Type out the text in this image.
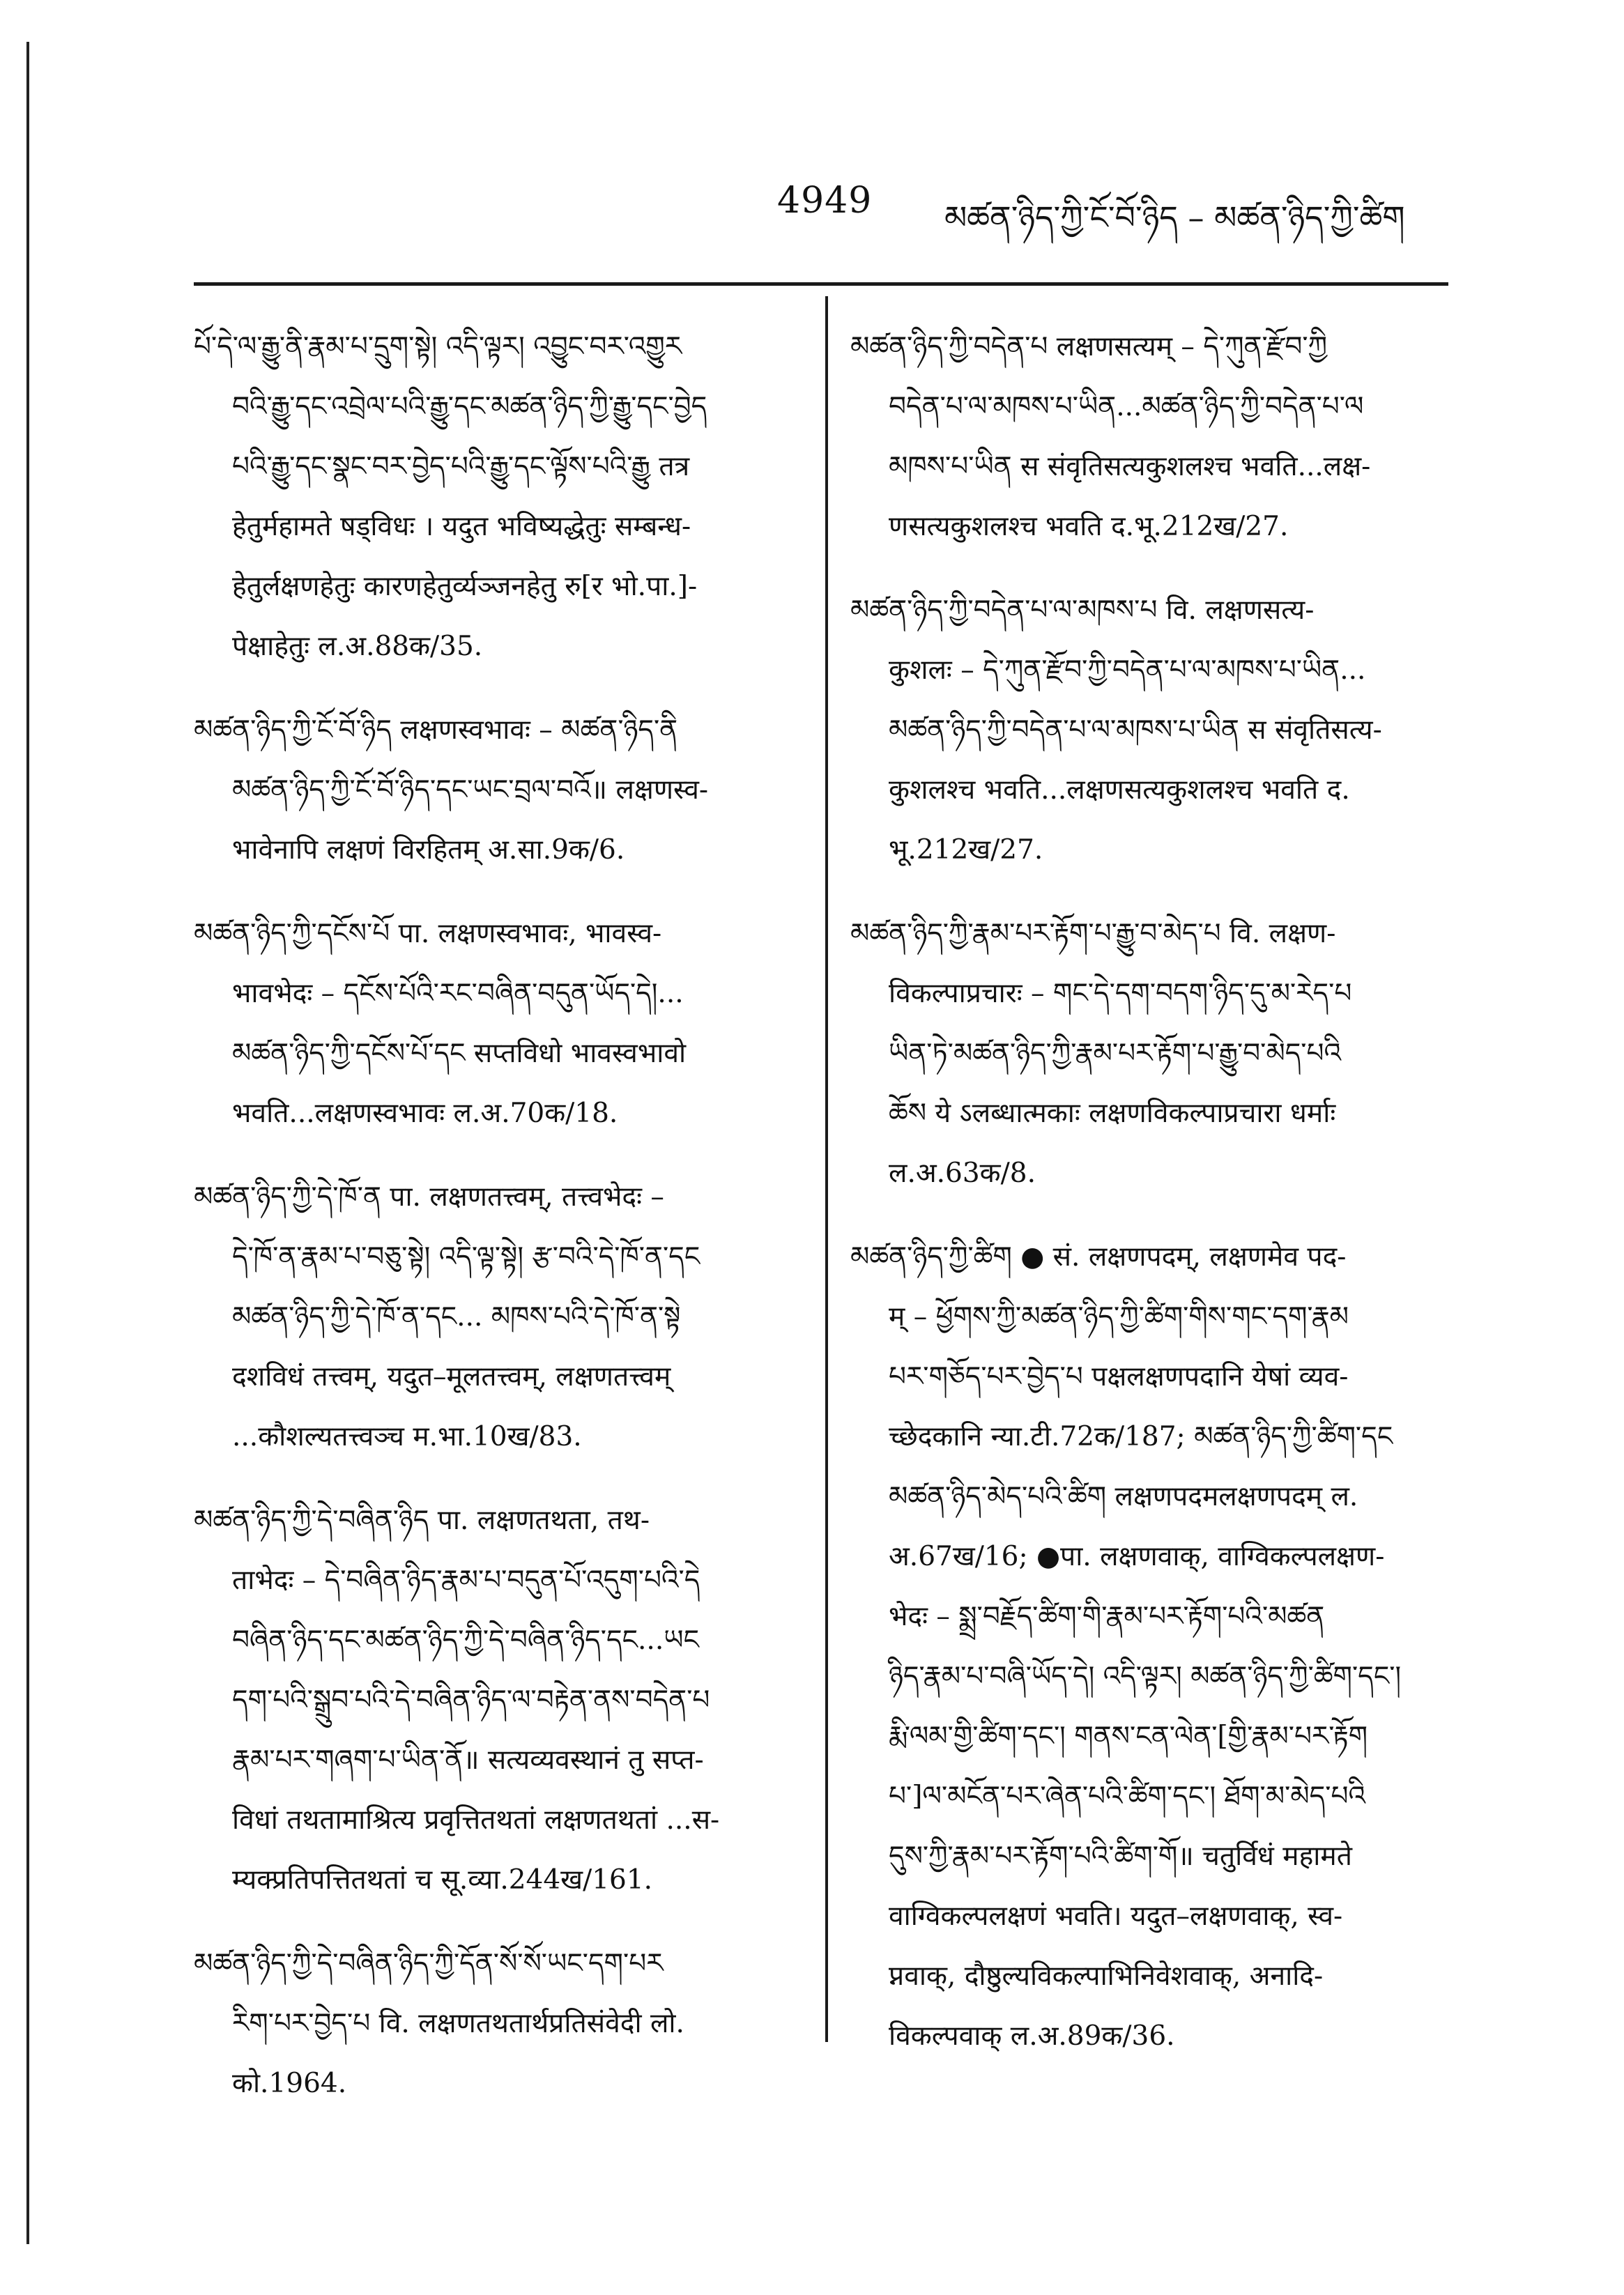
4949 མཚན་ཉིད་ཀྱི་ངོ་བོ་ཉིད – མཚན་ཉིད་ཀྱི་ཚིག
པོ་དེ་ལ་རྒྱུ་ནི་རྣམ་པ་དྲུག་སྟེ། འདི་ལྟར། འབྱུང་བར་འགྱུར
བའི་རྒྱུ་དང་འབྲེལ་པའི་རྒྱུ་དང་མཚན་ཉིད་ཀྱི་རྒྱུ་དང་བྱེད
པའི་རྒྱུ་དང་སྣང་བར་བྱེད་པའི་རྒྱུ་དང་ལྟོས་པའི་རྒྱུ तत्र
हेतुर्महामते षड्विधः । यदुत भविष्यद्धेतुः सम्बन्ध-
हेतुर्लक्षणहेतुः कारणहेतुर्व्यञ्जनहेतु रु[र भो.पा.]-
पेक्षाहेतुः ल.अ.88क/35.
མཚན་ཉིད་ཀྱི་ངོ་བོ་ཉིད लक्षणस्वभावः – མཚན་ཉིད་ནི
མཚན་ཉིད་ཀྱི་ངོ་བོ་ཉིད་དང་ཡང་བྲལ་བའོ॥ लक्षणस्व-
भावेनापि लक्षणं विरहितम् अ.सा.9क/6.
མཚན་ཉིད་ཀྱི་དངོས་པོ पा. लक्षणस्वभावः, भावस्व-
भावभेदः – དངོས་པོའི་རང་བཞིན་བདུན་ཡོད་དེ།...
མཚན་ཉིད་ཀྱི་དངོས་པོ་དང सप्तविधो भावस्वभावो
भवति...लक्षणस्वभावः ल.अ.70क/18.
མཚན་ཉིད་ཀྱི་དེ་ཁོ་ན पा. लक्षणतत्त्वम्, तत्त्वभेदः –
དེ་ཁོ་ན་རྣམ་པ་བཅུ་སྟེ། འདི་ལྟ་སྟེ། རྩ་བའི་དེ་ཁོ་ན་དང
མཚན་ཉིད་ཀྱི་དེ་ཁོ་ན་དང... མཁས་པའི་དེ་ཁོ་ན་སྟེ
दशविधं तत्त्वम्, यदुत–मूलतत्त्वम्, लक्षणतत्त्वम्
...कौशल्यतत्त्वञ्च म.भा.10ख/83.
མཚན་ཉིད་ཀྱི་དེ་བཞིན་ཉིད पा. लक्षणतथता, तथ-
ताभेदः – དེ་བཞིན་ཉིད་རྣམ་པ་བདུན་པོ་འདུག་པའི་དེ
བཞིན་ཉིད་དང་མཚན་ཉིད་ཀྱི་དེ་བཞིན་ཉིད་དང...ཡང
དག་པའི་སྒྲུབ་པའི་དེ་བཞིན་ཉིད་ལ་བརྟེན་ནས་བདེན་པ
རྣམ་པར་གཞག་པ་ཡིན་ནོ॥ सत्यव्यवस्थानं तु सप्त-
विधां तथतामाश्रित्य प्रवृत्तितथतां लक्षणतथतां ...स-
म्यक्प्रतिपत्तितथतां च सू.व्या.244ख/161.
མཚན་ཉིད་ཀྱི་དེ་བཞིན་ཉིད་ཀྱི་དོན་སོ་སོ་ཡང་དག་པར
རིག་པར་བྱེད་པ वि. लक्षणतथतार्थप्रतिसंवेदी लो.
को.1964.
མཚན་ཉིད་ཀྱི་བདེན་པ लक्षणसत्यम् – དེ་ཀུན་རྫོབ་ཀྱི
བདེན་པ་ལ་མཁས་པ་ཡིན...མཚན་ཉིད་ཀྱི་བདེན་པ་ལ
མཁས་པ་ཡིན स संवृतिसत्यकुशलश्च भवति...लक्ष-
णसत्यकुशलश्च भवति द.भू.212ख/27.
མཚན་ཉིད་ཀྱི་བདེན་པ་ལ་མཁས་པ वि. लक्षणसत्य-
कुशलः – དེ་ཀུན་རྫོབ་ཀྱི་བདེན་པ་ལ་མཁས་པ་ཡིན...
མཚན་ཉིད་ཀྱི་བདེན་པ་ལ་མཁས་པ་ཡིན स संवृतिसत्य-
कुशलश्च भवति...लक्षणसत्यकुशलश्च भवति द.
भू.212ख/27.
མཚན་ཉིད་ཀྱི་རྣམ་པར་རྟོག་པ་རྒྱུ་བ་མེད་པ वि. लक्षण-
विकल्पाप्रचारः – གང་དེ་དག་བདག་ཉིད་དུ་མ་རེད་པ
ཡིན་ཏེ་མཚན་ཉིད་ཀྱི་རྣམ་པར་རྟོག་པ་རྒྱུ་བ་མེད་པའི
ཆོས ये ऽलब्धात्मकाः लक्षणविकल्पाप्रचारा धर्माः
ल.अ.63क/8.
མཚན་ཉིད་ཀྱི་ཚིག ● सं. लक्षणपदम्, लक्षणमेव पद-
म् – ཕྱོགས་ཀྱི་མཚན་ཉིད་ཀྱི་ཚིག་གིས་གང་དག་རྣམ
པར་གཅོད་པར་བྱེད་པ पक्षलक्षणपदानि येषां व्यव-
च्छेदकानि न्या.टी.72क/187; མཚན་ཉིད་ཀྱི་ཚིག་དང
མཚན་ཉིད་མེད་པའི་ཚིག लक्षणपदमलक्षणपदम् ल.
अ.67ख/16; ●पा. लक्षणवाक्, वाग्विकल्पलक्षण-
भेदः – སྨྲ་བརྗོད་ཚིག་གི་རྣམ་པར་རྟོག་པའི་མཚན
ཉིད་རྣམ་པ་བཞི་ཡོད་དེ། འདི་ལྟར། མཚན་ཉིད་ཀྱི་ཚིག་དང་།
རྨི་ལམ་གྱི་ཚིག་དང་། གནས་ངན་ལེན་[གྱི་རྣམ་པར་རྟོག
པ་]ལ་མངོན་པར་ཞེན་པའི་ཚིག་དང་། ཐོག་མ་མེད་པའི
དུས་ཀྱི་རྣམ་པར་རྟོག་པའི་ཚིག་གོ॥ चतुर्विधं महामते
वाग्विकल्पलक्षणं भवति। यदुत–लक्षणवाक्, स्व-
प्नवाक्, दौष्ठुल्यविकल्पाभिनिवेशवाक्, अनादि-
विकल्पवाक् ल.अ.89क/36.
